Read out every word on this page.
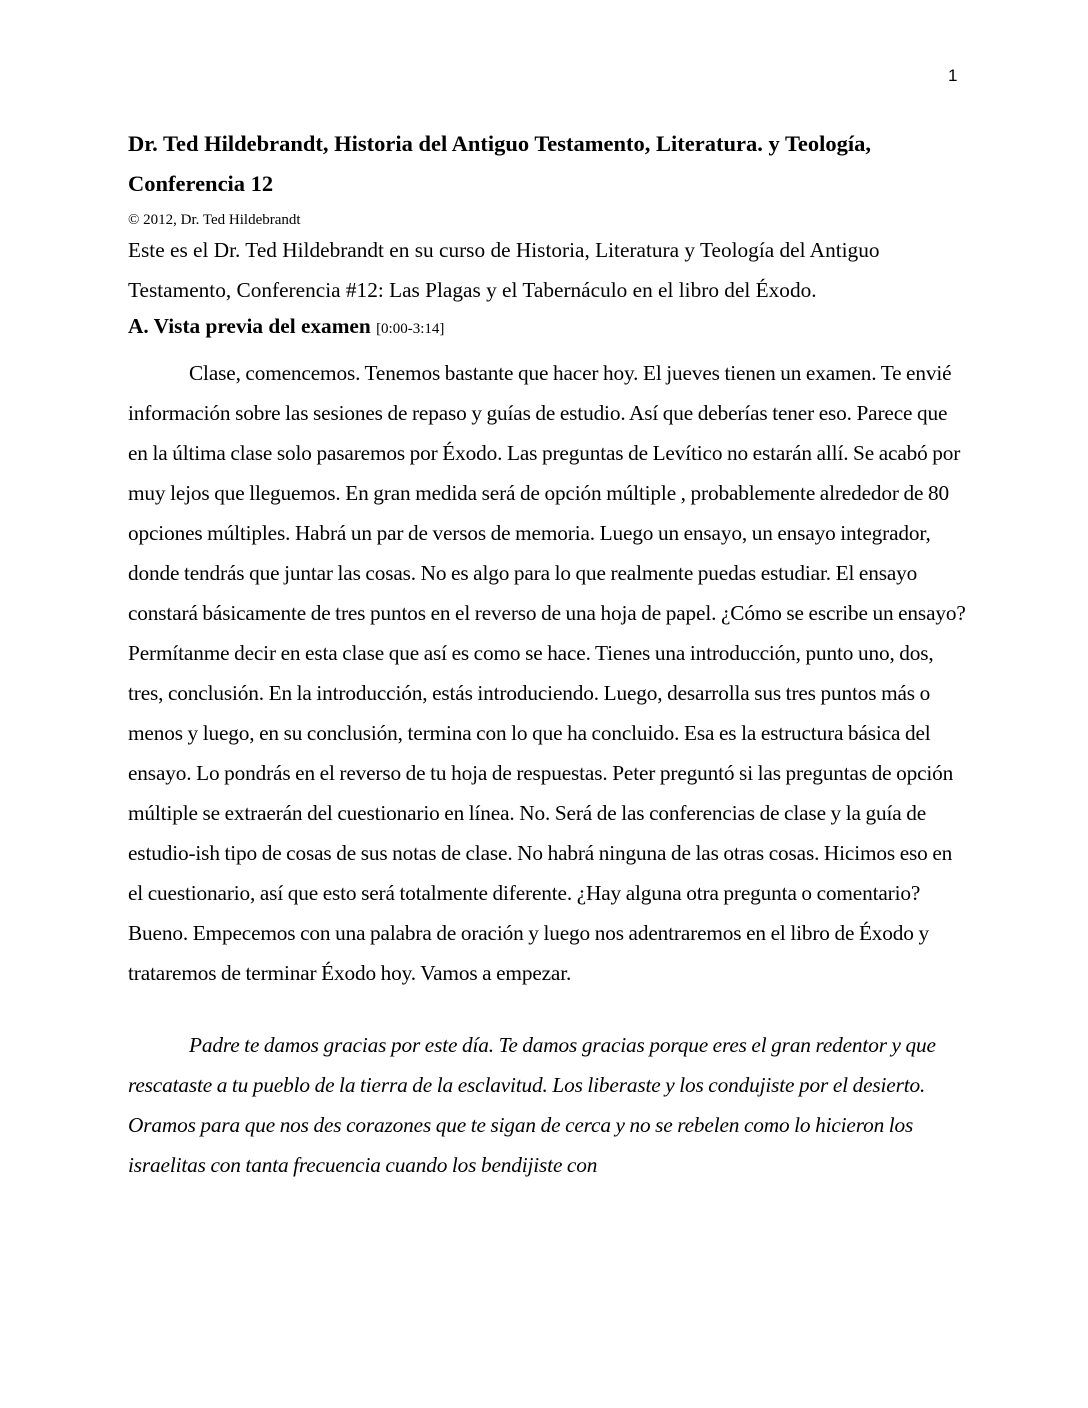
1
Dr. Ted Hildebrandt, Historia del Antiguo Testamento, Literatura. y Teología, Conferencia 12
© 2012, Dr. Ted Hildebrandt
Este es el Dr. Ted Hildebrandt en su curso de Historia, Literatura y Teología del Antiguo Testamento, Conferencia #12: Las Plagas y el Tabernáculo en el libro del Éxodo.
A. Vista previa del examen [0:00-3:14]
Clase, comencemos. Tenemos bastante que hacer hoy. El jueves tienen un examen. Te envié información sobre las sesiones de repaso y guías de estudio. Así que deberías tener eso. Parece que en la última clase solo pasaremos por Éxodo. Las preguntas de Levítico no estarán allí. Se acabó por muy lejos que lleguemos. En gran medida será de opción múltiple , probablemente alrededor de 80 opciones múltiples. Habrá un par de versos de memoria. Luego un ensayo, un ensayo integrador, donde tendrás que juntar las cosas. No es algo para lo que realmente puedas estudiar. El ensayo constará básicamente de tres puntos en el reverso de una hoja de papel. ¿Cómo se escribe un ensayo? Permítanme decir en esta clase que así es como se hace. Tienes una introducción, punto uno, dos, tres, conclusión. En la introducción, estás introduciendo. Luego, desarrolla sus tres puntos más o menos y luego, en su conclusión, termina con lo que ha concluido. Esa es la estructura básica del ensayo. Lo pondrás en el reverso de tu hoja de respuestas. Peter preguntó si las preguntas de opción múltiple se extraerán del cuestionario en línea. No. Será de las conferencias de clase y la guía de estudio-ish tipo de cosas de sus notas de clase. No habrá ninguna de las otras cosas. Hicimos eso en el cuestionario, así que esto será totalmente diferente. ¿Hay alguna otra pregunta o comentario? Bueno. Empecemos con una palabra de oración y luego nos adentraremos en el libro de Éxodo y trataremos de terminar Éxodo hoy. Vamos a empezar.
Padre te damos gracias por este día. Te damos gracias porque eres el gran redentor y que rescataste a tu pueblo de la tierra de la esclavitud. Los liberaste y los condujiste por el desierto. Oramos para que nos des corazones que te sigan de cerca y no se rebelen como lo hicieron los israelitas con tanta frecuencia cuando los bendijiste con
